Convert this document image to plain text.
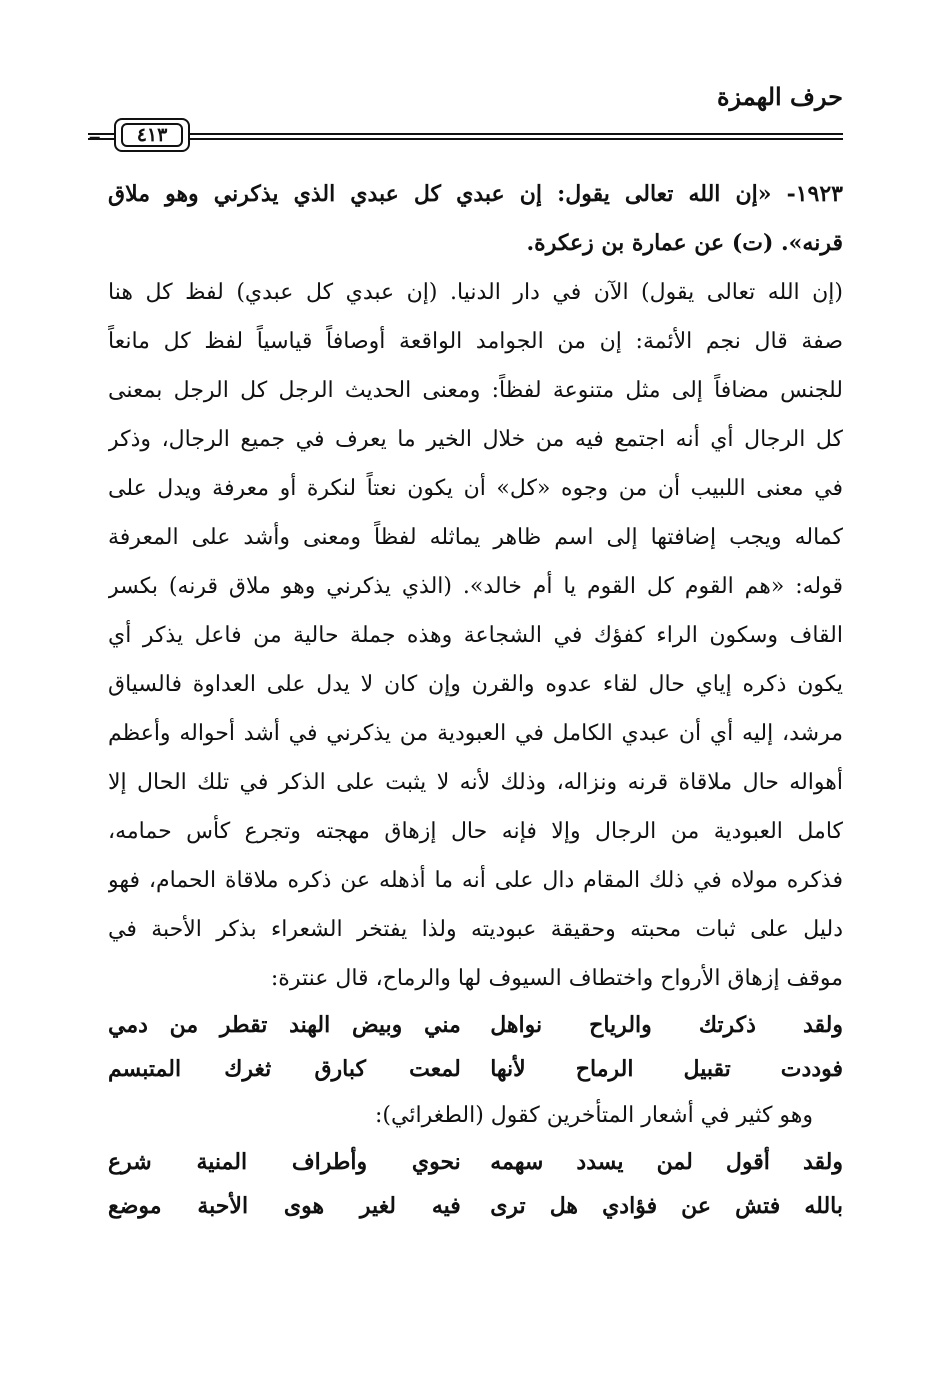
حرف الهمزة
=	٤١٣
١٩٢٣- «إن الله تعالى يقول: إن عبدي كل عبدي الذي يذكرني وهو ملاق
قرنه». (ت) عن عمارة بن زعكرة.
(إن الله تعالى يقول) الآن في دار الدنيا. (إن عبدي كل عبدي) لفظ كل هنا
صفة قال نجم الأئمة: إن من الجوامد الواقعة أوصافاً قياسياً لفظ كل مانعاً
للجنس مضافاً إلى مثل متنوعة لفظاً: ومعنى الحديث الرجل كل الرجل بمعنى
كل الرجال أي أنه اجتمع فيه من خلال الخير ما يعرف في جميع الرجال، وذكر
في معنى اللبيب أن من وجوه «كل» أن يكون نعتاً لنكرة أو معرفة ويدل على
كماله ويجب إضافتها إلى اسم ظاهر يماثله لفظاً ومعنى وأشد على المعرفة
قوله: «هم القوم كل القوم يا أم خالد». (الذي يذكرني وهو ملاق قرنه) بكسر
القاف وسكون الراء كفؤك في الشجاعة وهذه جملة حالية من فاعل يذكر أي
يكون ذكره إياي حال لقاء عدوه والقرن وإن كان لا يدل على العداوة فالسياق
مرشد، إليه أي أن عبدي الكامل في العبودية من يذكرني في أشد أحواله وأعظم
أهواله حال ملاقاة قرنه ونزاله، وذلك لأنه لا يثبت على الذكر في تلك الحال إلا
كامل العبودية من الرجال وإلا فإنه حال إزهاق مهجته وتجرع كأس حمامه،
فذكره مولاه في ذلك المقام دال على أنه ما أذهله عن ذكره ملاقاة الحمام، فهو
دليل على ثبات محبته وحقيقة عبوديته ولذا يفتخر الشعراء بذكر الأحبة في
موقف إزهاق الأرواح واختطاف السيوف لها والرماح، قال عنترة:
ولقد ذكرتك والرياح نواهل
مني وبيض الهند تقطر من دمي
فوددت تقبيل الرماح لأنها
لمعت كبارق ثغرك المتبسم
وهو كثير في أشعار المتأخرين كقول (الطغرائي):
ولقد أقول لمن يسدد سهمه
نحوي وأطراف المنية شرع
بالله فتش عن فؤادي هل ترى
فيه لغير هوى الأحبة موضع
